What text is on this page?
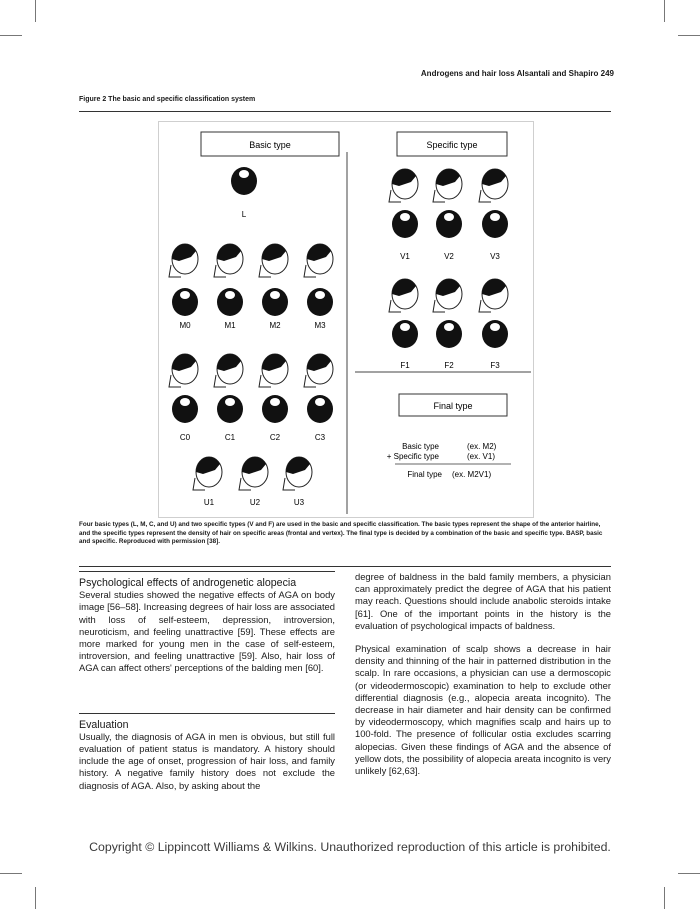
Androgens and hair loss Alsantali and Shapiro 249
Figure 2 The basic and specific classification system
Basic type	Specific type
Final type
L
M0	M1	M2	M3
C0	C1	C2	C3
U1	U2	U3
V1	V2	V3
F1	F2	F3
Basic type	(ex. M2)
+ Specific type	(ex. V1)
Final type (ex. M2V1)
Four basic types (L, M, C, and U) and two specific types (V and F) are used in the basic and specific classification. The basic types represent the shape of the anterior hairline, and the specific types represent the density of hair on specific areas (frontal and vertex). The final type is decided by a combination of the basic and specific type. BASP, basic and specific. Reproduced with permission [38].
Psychological effects of androgenetic alopecia

Several studies showed the negative effects of AGA on body image [56–58]. Increasing degrees of hair loss are associated with loss of self-esteem, depression, introversion, neuroticism, and feeling unattractive [59]. These effects are more marked for young men in the case of self-esteem, introversion, and feeling unattractive [59]. Also, hair loss of AGA can affect others' perceptions of the balding men [60].

Evaluation

Usually, the diagnosis of AGA in men is obvious, but still full evaluation of patient status is mandatory. A history should include the age of onset, progression of hair loss, and family history. A negative family history does not exclude the diagnosis of AGA. Also, by asking about the

degree of baldness in the bald family members, a physician can approximately predict the degree of AGA that his patient may reach. Questions should include anabolic steroids intake [61]. One of the important points in the history is the evaluation of psychological impacts of baldness.

Physical examination of scalp shows a decrease in hair density and thinning of the hair in patterned distribution in the scalp. In rare occasions, a physician can use a dermoscopic (or videodermoscopic) examination to help to exclude other differential diagnosis (e.g., alopecia areata incognito). The decrease in hair diameter and hair density can be confirmed by videodermoscopy, which magnifies scalp and hairs up to 100-fold. The presence of follicular ostia excludes scarring alopecias. Given these findings of AGA and the absence of yellow dots, the possibility of alopecia areata incognito is very unlikely [62,63].

Copyright © Lippincott Williams & Wilkins. Unauthorized reproduction of this article is prohibited.
